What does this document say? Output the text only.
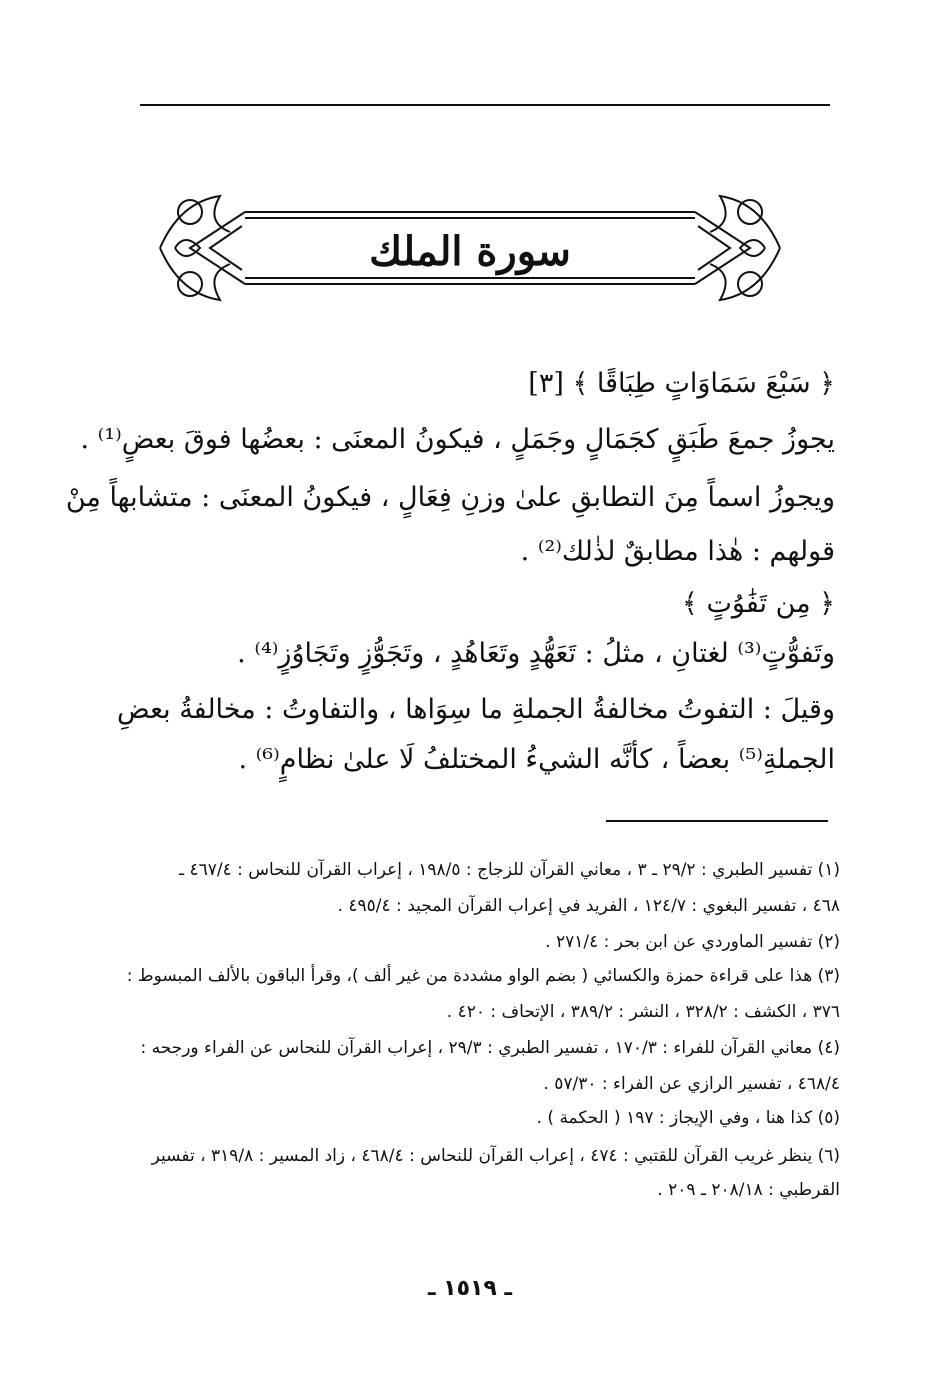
سورة الملك
﴿ سَبْعَ سَمَاوَاتٍ طِبَاقًا ﴾ [٣]
يجوزُ جمعَ طَبَقٍ كجَمَالٍ وجَمَلٍ ، فيكونُ المعنَى : بعضُها فوقَ بعضٍ⁽¹⁾ .
ويجوزُ اسماً مِنَ التطابقِ علىٰ وزنِ فِعَالٍ ، فيكونُ المعنَى : متشابهاً مِنْ
قولهم : هٰذا مطابقٌ لذٰلك⁽²⁾ .
﴿ مِن تَفَٰوُتٍ ﴾
وتَفوُّتٍ⁽³⁾ لغتانِ ، مثلُ : تَعَهُّدٍ وتَعَاهُدٍ ، وتَجَوُّزٍ وتَجَاوُزٍ⁽⁴⁾ .
وقيلَ : التفوتُ مخالفةُ الجملةِ ما سِوَاها ، والتفاوتُ : مخالفةُ بعضِ
الجملةِ⁽⁵⁾ بعضاً ، كأنَّه الشيءُ المختلفُ لَا علىٰ نظامٍ⁽⁶⁾ .
(١) تفسير الطبري : ٢٩/٢ ـ ٣ ، معاني القرآن للزجاج : ١٩٨/٥ ، إعراب القرآن للنحاس : ٤٦٧/٤ ـ
٤٦٨ ، تفسير البغوي : ١٢٤/٧ ، الفريد في إعراب القرآن المجيد : ٤٩٥/٤ .
(٢) تفسير الماوردي عن ابن بحر : ٢٧١/٤ .
(٣) هذا على قراءة حمزة والكسائي ( بضم الواو مشددة من غير ألف )، وقرأ الباقون بالألف المبسوط :
٣٧٦ ، الكشف : ٣٢٨/٢ ، النشر : ٣٨٩/٢ ، الإتحاف : ٤٢٠ .
(٤) معاني القرآن للفراء : ١٧٠/٣ ، تفسير الطبري : ٢٩/٣ ، إعراب القرآن للنحاس عن الفراء ورجحه :
٤٦٨/٤ ، تفسير الرازي عن الفراء : ٥٧/٣٠ .
(٥) كذا هنا ، وفي الإيجاز : ١٩٧ ( الحكمة ) .
(٦) ينظر غريب القرآن للقتبي : ٤٧٤ ، إعراب القرآن للنحاس : ٤٦٨/٤ ، زاد المسير : ٣١٩/٨ ، تفسير
القرطبي : ٢٠٨/١٨ ـ ٢٠٩ .
ـ ١٥١٩ ـ
